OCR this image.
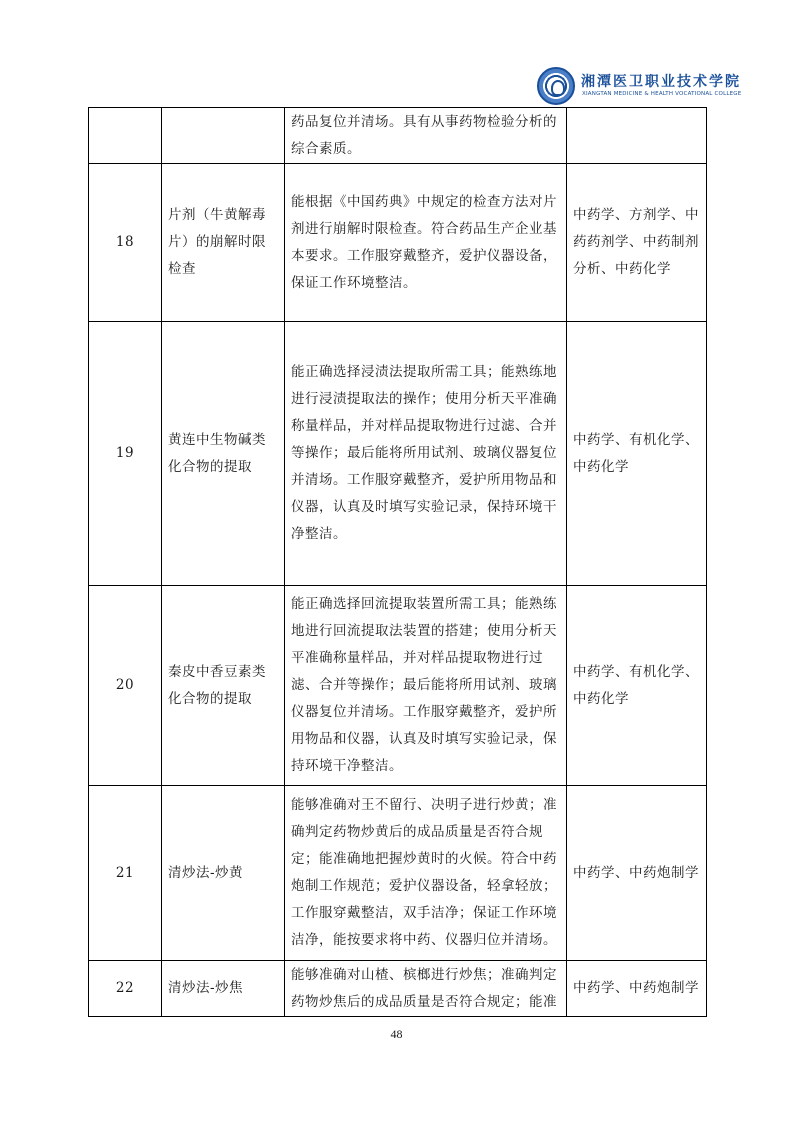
湘潭医卫职业技术学院
XIANGTAN MEDICINE & HEALTH VOCATIONAL COLLEGE
		药品复位并清场。具有从事药物检验分析的综合素质。	
18	片剂（牛黄解毒片）的崩解时限检查	能根据《中国药典》中规定的检查方法对片剂进行崩解时限检查。符合药品生产企业基本要求。工作服穿戴整齐，爱护仪器设备，保证工作环境整洁。	中药学、方剂学、中药药剂学、中药制剂分析、中药化学
19	黄连中生物碱类化合物的提取	能正确选择浸渍法提取所需工具；能熟练地进行浸渍提取法的操作；使用分析天平准确称量样品，并对样品提取物进行过滤、合并等操作；最后能将所用试剂、玻璃仪器复位并清场。工作服穿戴整齐，爱护所用物品和仪器，认真及时填写实验记录，保持环境干净整洁。	中药学、有机化学、中药化学
20	秦皮中香豆素类化合物的提取	能正确选择回流提取装置所需工具；能熟练地进行回流提取法装置的搭建；使用分析天平准确称量样品，并对样品提取物进行过滤、合并等操作；最后能将所用试剂、玻璃仪器复位并清场。工作服穿戴整齐，爱护所用物品和仪器，认真及时填写实验记录，保持环境干净整洁。	中药学、有机化学、中药化学
21	清炒法-炒黄	能够准确对王不留行、决明子进行炒黄；准确判定药物炒黄后的成品质量是否符合规定；能准确地把握炒黄时的火候。符合中药炮制工作规范；爱护仪器设备，轻拿轻放；工作服穿戴整洁，双手洁净；保证工作环境洁净，能按要求将中药、仪器归位并清场。	中药学、中药炮制学
22	清炒法-炒焦	能够准确对山楂、槟榔进行炒焦；准确判定药物炒焦后的成品质量是否符合规定；能准	中药学、中药炮制学
48
